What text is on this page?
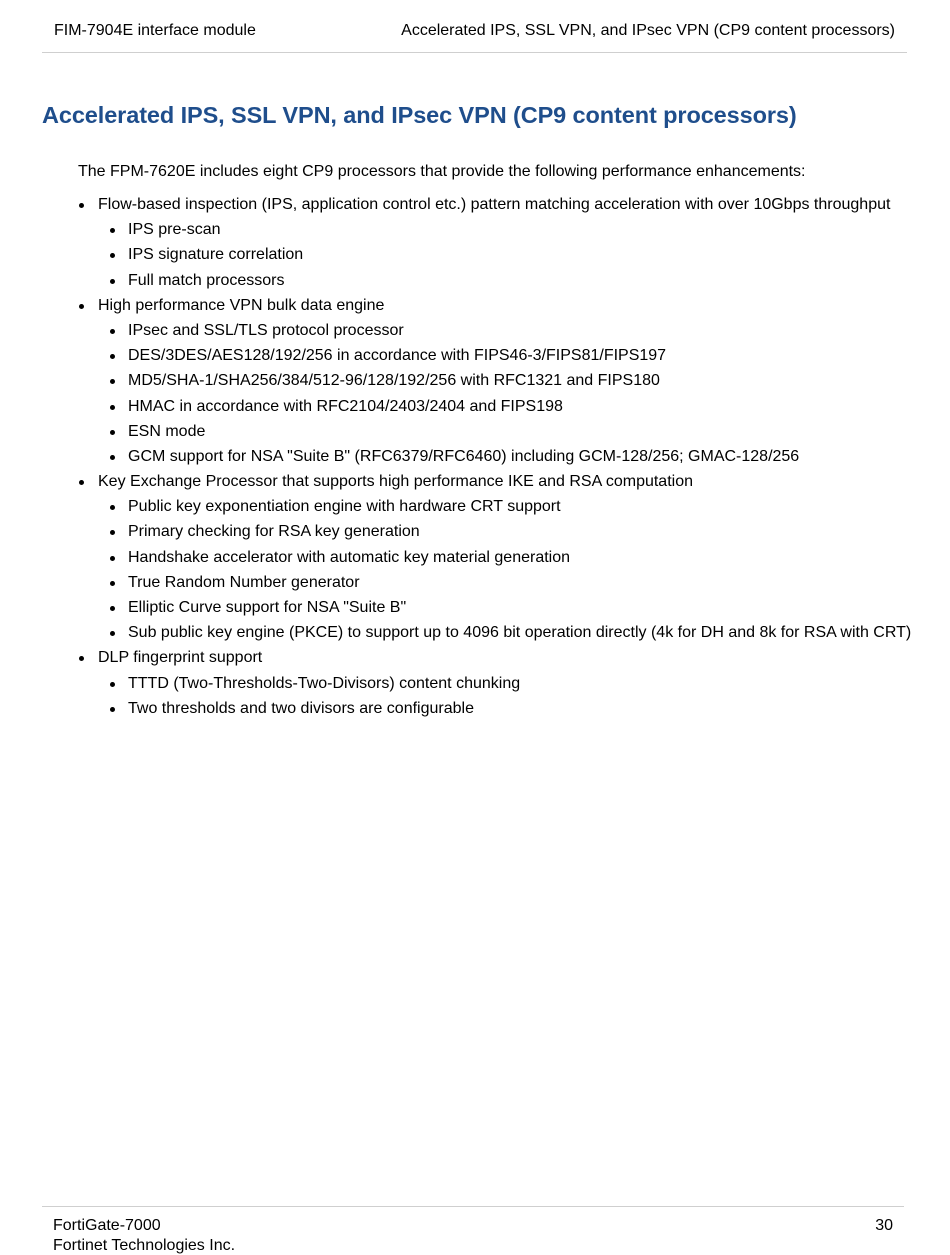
FIM-7904E interface module	Accelerated IPS, SSL VPN, and IPsec VPN (CP9 content processors)
Accelerated IPS, SSL VPN, and IPsec VPN (CP9 content processors)

The FPM-7620E includes eight CP9 processors that provide the following performance enhancements:

Flow-based inspection (IPS, application control etc.) pattern matching acceleration with over 10Gbps throughput
IPS pre-scan
IPS signature correlation
Full match processors
High performance VPN bulk data engine
IPsec and SSL/TLS protocol processor
DES/3DES/AES128/192/256 in accordance with FIPS46-3/FIPS81/FIPS197
MD5/SHA-1/SHA256/384/512-96/128/192/256 with RFC1321 and FIPS180
HMAC in accordance with RFC2104/2403/2404 and FIPS198
ESN mode
GCM support for NSA "Suite B" (RFC6379/RFC6460) including GCM-128/256; GMAC-128/256
Key Exchange Processor that supports high performance IKE and RSA computation
Public key exponentiation engine with hardware CRT support
Primary checking for RSA key generation
Handshake accelerator with automatic key material generation
True Random Number generator
Elliptic Curve support for NSA "Suite B"
Sub public key engine (PKCE) to support up to 4096 bit operation directly (4k for DH and 8k for RSA with CRT)
DLP fingerprint support
TTTD (Two-Thresholds-Two-Divisors) content chunking
Two thresholds and two divisors are configurable
FortiGate-7000
Fortinet Technologies Inc.
30
